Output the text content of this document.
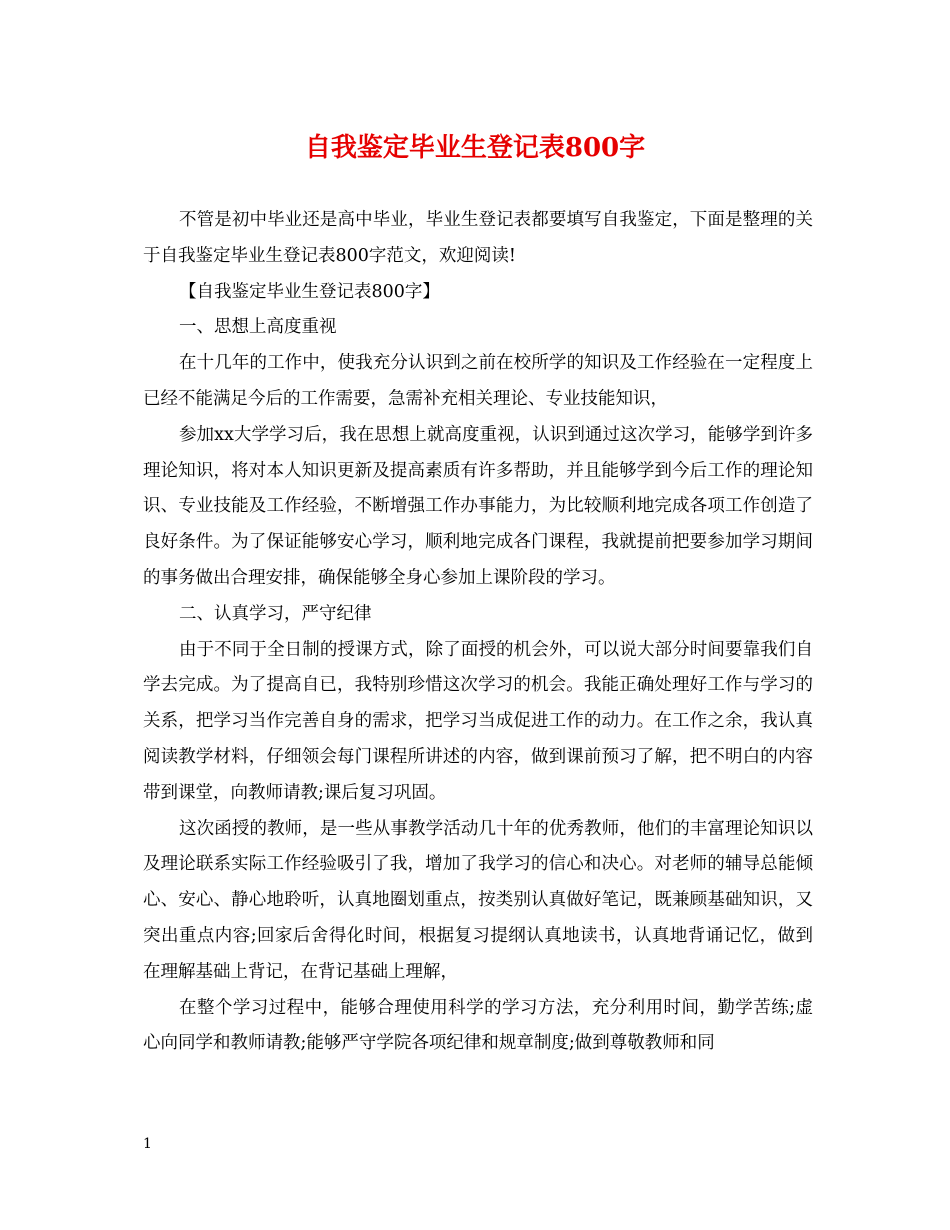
自我鉴定毕业生登记表800字

不管是初中毕业还是高中毕业，毕业生登记表都要填写自我鉴定，下面是整理的关于自我鉴定毕业生登记表800字范文，欢迎阅读!

【自我鉴定毕业生登记表800字】

一、思想上高度重视

在十几年的工作中，使我充分认识到之前在校所学的知识及工作经验在一定程度上已经不能满足今后的工作需要，急需补充相关理论、专业技能知识，

参加xx大学学习后，我在思想上就高度重视，认识到通过这次学习，能够学到许多理论知识，将对本人知识更新及提高素质有许多帮助，并且能够学到今后工作的理论知识、专业技能及工作经验，不断增强工作办事能力，为比较顺利地完成各项工作创造了良好条件。为了保证能够安心学习，顺利地完成各门课程，我就提前把要参加学习期间的事务做出合理安排，确保能够全身心参加上课阶段的学习。

二、认真学习，严守纪律

由于不同于全日制的授课方式，除了面授的机会外，可以说大部分时间要靠我们自学去完成。为了提高自已，我特别珍惜这次学习的机会。我能正确处理好工作与学习的关系，把学习当作完善自身的需求，把学习当成促进工作的动力。在工作之余，我认真阅读教学材料，仔细领会每门课程所讲述的内容，做到课前预习了解，把不明白的内容带到课堂，向教师请教;课后复习巩固。

这次函授的教师，是一些从事教学活动几十年的优秀教师，他们的丰富理论知识以及理论联系实际工作经验吸引了我，增加了我学习的信心和决心。对老师的辅导总能倾心、安心、静心地聆听，认真地圈划重点，按类别认真做好笔记，既兼顾基础知识，又突出重点内容;回家后舍得化时间，根据复习提纲认真地读书，认真地背诵记忆，做到在理解基础上背记，在背记基础上理解，

在整个学习过程中，能够合理使用科学的学习方法，充分利用时间，勤学苦练;虚心向同学和教师请教;能够严守学院各项纪律和规章制度;做到尊敬教师和同

1
